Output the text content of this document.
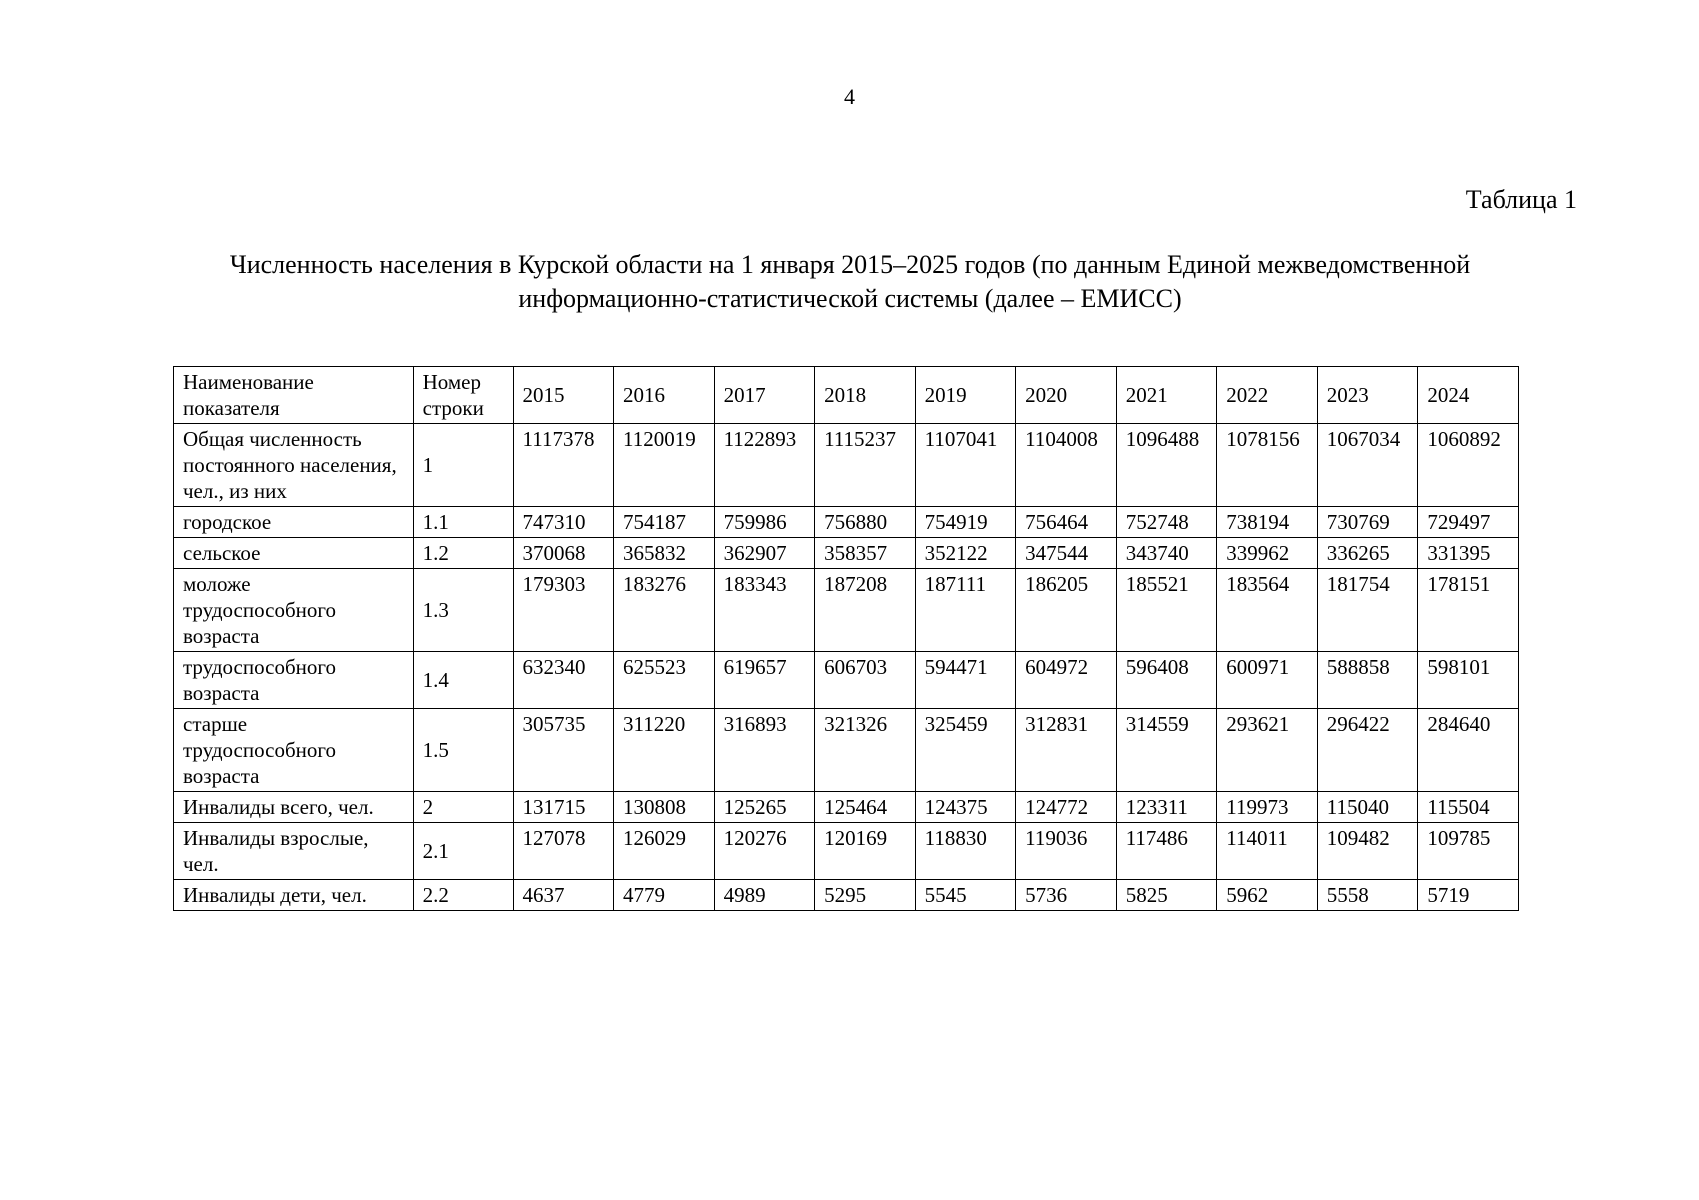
4
Таблица 1
Численность населения в Курской области на 1 января 2015–2025 годов (по данным Единой межведомственной информационно-статистической системы (далее – ЕМИСС)
Наименование показателя	Номер строки	2015	2016	2017	2018	2019	2020	2021	2022	2023	2024
Общая численность постоянного населения, чел., из них	1	1117378	1120019	1122893	1115237	1107041	1104008	1096488	1078156	1067034	1060892
городское	1.1	747310	754187	759986	756880	754919	756464	752748	738194	730769	729497
сельское	1.2	370068	365832	362907	358357	352122	347544	343740	339962	336265	331395
моложе трудоспособного возраста	1.3	179303	183276	183343	187208	187111	186205	185521	183564	181754	178151
трудоспособного возраста	1.4	632340	625523	619657	606703	594471	604972	596408	600971	588858	598101
старше трудоспособного возраста	1.5	305735	311220	316893	321326	325459	312831	314559	293621	296422	284640
Инвалиды всего, чел.	2	131715	130808	125265	125464	124375	124772	123311	119973	115040	115504
Инвалиды взрослые, чел.	2.1	127078	126029	120276	120169	118830	119036	117486	114011	109482	109785
Инвалиды дети, чел.	2.2	4637	4779	4989	5295	5545	5736	5825	5962	5558	5719
